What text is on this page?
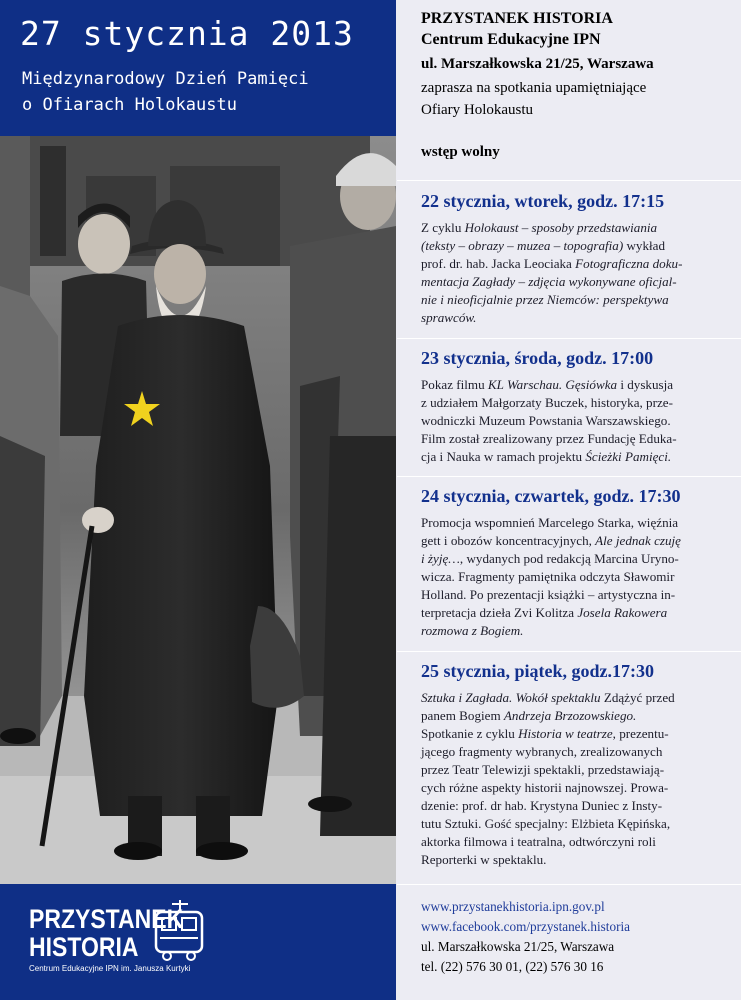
27 stycznia 2013
Międzynarodowy Dzień Pamięci
o Ofiarach Holokaustu
PRZYSTANEK
HISTORIA
Centrum Edukacyjne IPN im. Janusza Kurtyki
PRZYSTANEK HISTORIA
Centrum Edukacyjne IPN
ul. Marszałkowska 21/25, Warszawa
zaprasza na spotkania upamiętniające
Ofiary Holokaustu
wstęp wolny
22 stycznia, wtorek, godz. 17:15
Z cyklu Holokaust – sposoby przedstawiania
(teksty – obrazy – muzea – topografia) wykład
prof. dr. hab. Jacka Leociaka Fotograficzna doku-
mentacja Zagłady – zdjęcia wykonywane oficjal-
nie i nieoficjalnie przez Niemców: perspektywa
sprawców.
23 stycznia, środa, godz. 17:00
Pokaz filmu KL Warschau. Gęsiówka i dyskusja
z udziałem Małgorzaty Buczek, historyka, prze-
wodniczki Muzeum Powstania Warszawskiego.
Film został zrealizowany przez Fundację Eduka-
cja i Nauka w ramach projektu Ścieżki Pamięci.
24 stycznia, czwartek, godz. 17:30
Promocja wspomnień Marcelego Starka, więźnia
gett i obozów koncentracyjnych, Ale jednak czuję
i żyję…, wydanych pod redakcją Marcina Uryno-
wicza. Fragmenty pamiętnika odczyta Sławomir
Holland. Po prezentacji książki – artystyczna in-
terpretacja dzieła Zvi Kolitza Josela Rakowera
rozmowa z Bogiem.
25 stycznia, piątek, godz.17:30
Sztuka i Zagłada. Wokół spektaklu Zdążyć przed
panem Bogiem Andrzeja Brzozowskiego.
Spotkanie z cyklu Historia w teatrze, prezentu-
jącego fragmenty wybranych, zrealizowanych
przez Teatr Telewizji spektakli, przedstawiają-
cych różne aspekty historii najnowszej. Prowa-
dzenie: prof. dr hab. Krystyna Duniec z Insty-
tutu Sztuki. Gość specjalny: Elżbieta Kępińska,
aktorka filmowa i teatralna, odtwórczyni roli
Reporterki w spektaklu.
www.przystanekhistoria.ipn.gov.pl
www.facebook.com/przystanek.historia
ul. Marszałkowska 21/25, Warszawa
tel. (22) 576 30 01, (22) 576 30 16
